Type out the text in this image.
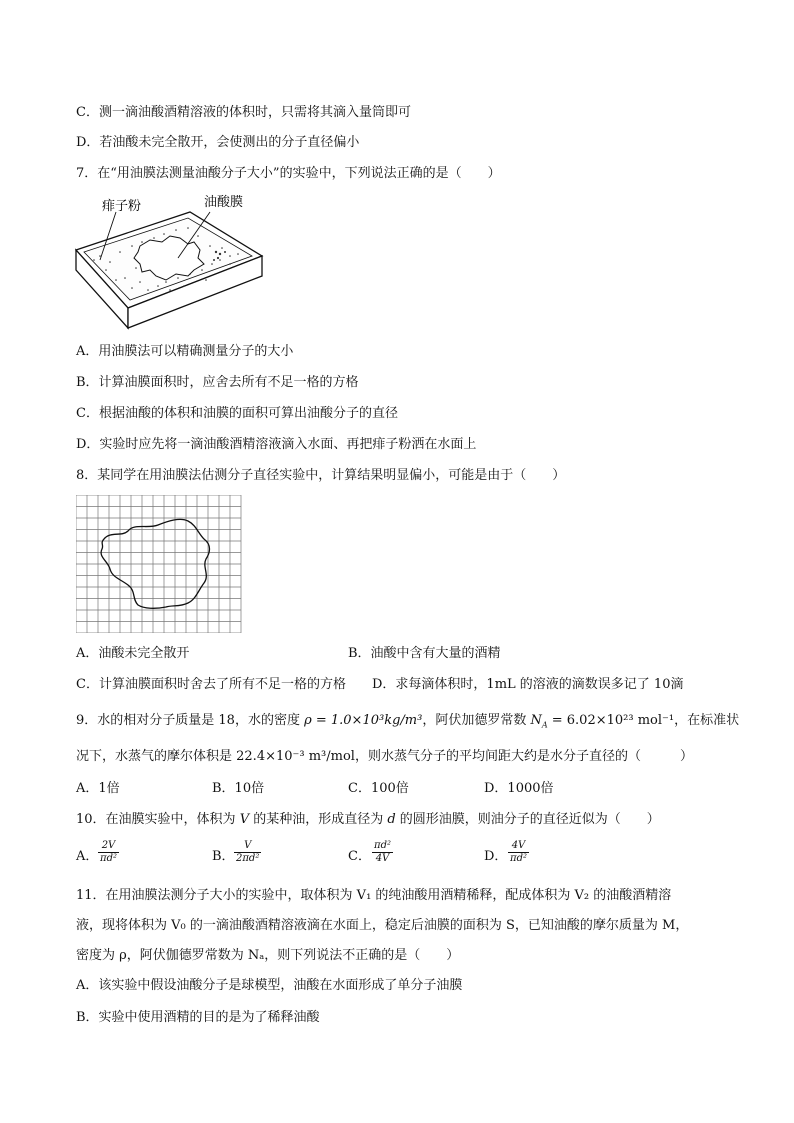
C．测一滴油酸酒精溶液的体积时，只需将其滴入量筒即可
D．若油酸未完全散开，会使测出的分子直径偏小
7．在“用油膜法测量油酸分子大小”的实验中，下列说法正确的是（　　）
痱子粉	油酸膜
A．用油膜法可以精确测量分子的大小
B．计算油膜面积时，应舍去所有不足一格的方格
C．根据油酸的体积和油膜的面积可算出油酸分子的直径
D．实验时应先将一滴油酸酒精溶液滴入水面、再把痱子粉洒在水面上
8．某同学在用油膜法估测分子直径实验中，计算结果明显偏小，可能是由于（　　）
A．油酸未完全散开	B．油酸中含有大量的酒精
C．计算油膜面积时舍去了所有不足一格的方格 D．求每滴体积时，1mL 的溶液的滴数误多记了 10滴
9．水的相对分子质量是 18，水的密度 ρ = 1.0×10³kg/m³，阿伏加德罗常数 $N_A = 6.02\times 10^{23}$ mol⁻¹，在标准状
况下，水蒸气的摩尔体积是 22.4×10⁻³ m³/mol，则水蒸气分子的平均间距大约是水分子直径的（　　　）
A．1倍	B．10倍	C．100倍	D．1000倍
10．在油膜实验中，体积为 V 的某种油，形成直径为 d 的圆形油膜，则油分子的直径近似为（　　）
A． $\frac{2V}{\text{πd²}}$	B． $\frac{V}{\text{2πd²}}$	C． $\frac{\text{πd²}}{4V}$	D． $\frac{4V}{\text{πd²}}$
11．在用油膜法测分子大小的实验中，取体积为 V₁ 的纯油酸用酒精稀释，配成体积为 V₂ 的油酸酒精溶
液，现将体积为 V₀ 的一滴油酸酒精溶液滴在水面上，稳定后油膜的面积为 S，已知油酸的摩尔质量为 M，
密度为 ρ，阿伏伽德罗常数为 Nₐ，则下列说法不正确的是（　　）
A．该实验中假设油酸分子是球模型，油酸在水面形成了单分子油膜
B．实验中使用酒精的目的是为了稀释油酸
